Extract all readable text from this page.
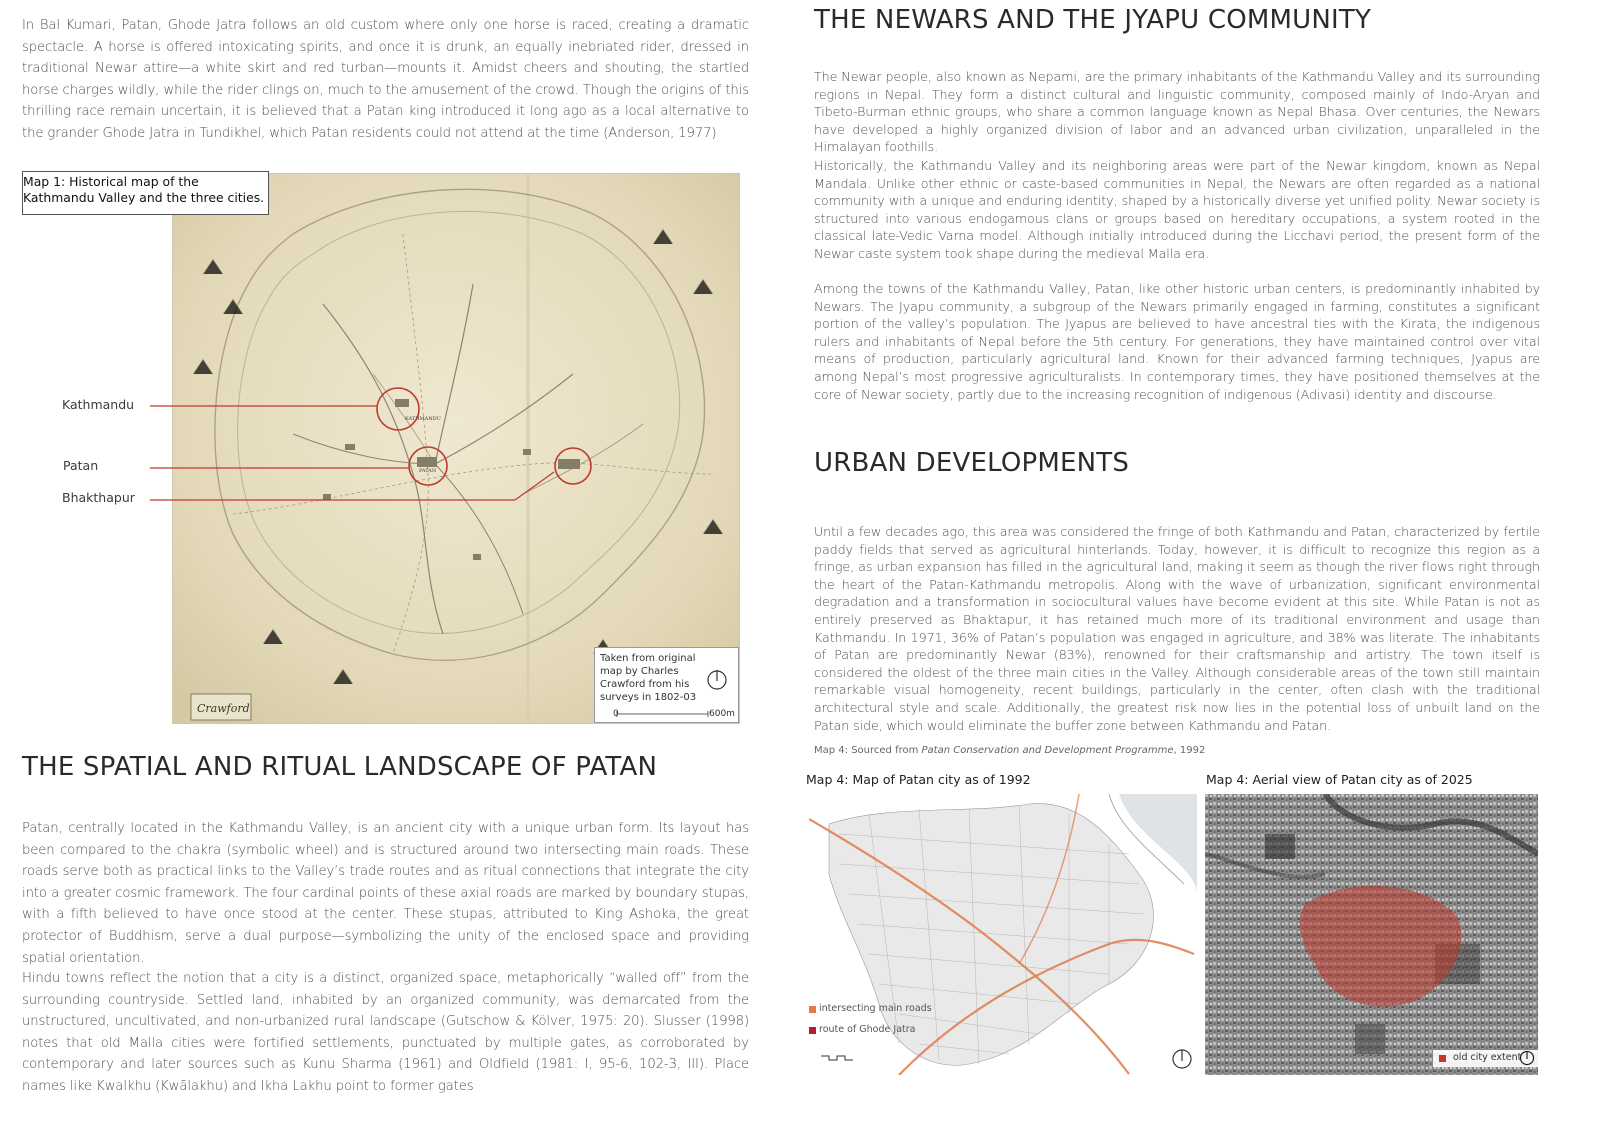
In Bal Kumari, Patan, Ghode Jatra follows an old custom where only one horse is raced, creating a dramatic spectacle. A horse is offered intoxicating spirits, and once it is drunk, an equally inebriated rider, dressed in traditional Newar attire—a white skirt and red turban—mounts it. Amidst cheers and shouting, the startled horse charges wildly, while the rider clings on, much to the amusement of the crowd. Though the origins of this thrilling race remain uncertain, it is believed that a Patan king introduced it long ago as a local alternative to the grander Ghode Jatra in Tundikhel, which Patan residents could not attend at the time (Anderson, 1977)

KATHMANDU
PATAN
Crawford
Kathmandu
Patan
Bhakthapur
Map 1: Historical map of the Kathmandu Valley and the three cities.
Taken from original map by Charles Crawford from his surveys in 1802-03
0	600m
THE SPATIAL AND RITUAL LANDSCAPE OF PATAN

Patan, centrally located in the Kathmandu Valley, is an ancient city with a unique urban form. Its layout has been compared to the chakra (symbolic wheel) and is structured around two intersecting main roads. These roads serve both as practical links to the Valley’s trade routes and as ritual connections that integrate the city into a greater cosmic framework. The four cardinal points of these axial roads are marked by boundary stupas, with a fifth believed to have once stood at the center. These stupas, attributed to King Ashoka, the great protector of Buddhism, serve a dual purpose—symbolizing the unity of the enclosed space and providing spatial orientation.

Hindu towns reflect the notion that a city is a distinct, organized space, metaphorically “walled off” from the surrounding countryside. Settled land, inhabited by an organized community, was demarcated from the unstructured, uncultivated, and non-urbanized rural landscape (Gutschow & Kölver, 1975: 20). Slusser (1998) notes that old Malla cities were fortified settlements, punctuated by multiple gates, as corroborated by contemporary and later sources such as Kunu Sharma (1961) and Oldfield (1981: I, 95-6, 102-3, III). Place names like Kwalkhu (Kwālakhu) and Ikha Lakhu point to former gates

THE NEWARS AND THE JYAPU COMMUNITY

The Newar people, also known as Nepami, are the primary inhabitants of the Kathmandu Valley and its surrounding regions in Nepal. They form a distinct cultural and linguistic community, composed mainly of Indo-Aryan and Tibeto-Burman ethnic groups, who share a common language known as Nepal Bhasa. Over centuries, the Newars have developed a highly organized division of labor and an advanced urban civilization, unparalleled in the Himalayan foothills.

Historically, the Kathmandu Valley and its neighboring areas were part of the Newar kingdom, known as Nepal Mandala. Unlike other ethnic or caste-based communities in Nepal, the Newars are often regarded as a national community with a unique and enduring identity, shaped by a historically diverse yet unified polity. Newar society is structured into various endogamous clans or groups based on hereditary occupations, a system rooted in the classical late-Vedic Varna model. Although initially introduced during the Licchavi period, the present form of the Newar caste system took shape during the medieval Malla era.

Among the towns of the Kathmandu Valley, Patan, like other historic urban centers, is predominantly inhabited by Newars. The Jyapu community, a subgroup of the Newars primarily engaged in farming, constitutes a significant portion of the valley’s population. The Jyapus are believed to have ancestral ties with the Kirata, the indigenous rulers and inhabitants of Nepal before the 5th century. For generations, they have maintained control over vital means of production, particularly agricultural land. Known for their advanced farming techniques, Jyapus are among Nepal’s most progressive agriculturalists. In contemporary times, they have positioned themselves at the core of Newar society, partly due to the increasing recognition of indigenous (Adivasi) identity and discourse.

URBAN DEVELOPMENTS

Until a few decades ago, this area was considered the fringe of both Kathmandu and Patan, characterized by fertile paddy fields that served as agricultural hinterlands. Today, however, it is difficult to recognize this region as a fringe, as urban expansion has filled in the agricultural land, making it seem as though the river flows right through the heart of the Patan-Kathmandu metropolis. Along with the wave of urbanization, significant environmental degradation and a transformation in sociocultural values have become evident at this site. While Patan is not as entirely preserved as Bhaktapur, it has retained much more of its traditional environment and usage than Kathmandu. In 1971, 36% of Patan’s population was engaged in agriculture, and 38% was literate. The inhabitants of Patan are predominantly Newar (83%), renowned for their craftsmanship and artistry. The town itself is considered the oldest of the three main cities in the Valley. Although considerable areas of the town still maintain remarkable visual homogeneity, recent buildings, particularly in the center, often clash with the traditional architectural style and scale. Additionally, the greatest risk now lies in the potential loss of unbuilt land on the Patan side, which would eliminate the buffer zone between Kathmandu and Patan.

Map 4: Sourced from Patan Conservation and Development Programme, 1992
Map 4: Map of Patan city as of 1992	Map 4: Aerial view of Patan city as of 2025
intersecting main roads
route of Ghode Jatra
old city extent
